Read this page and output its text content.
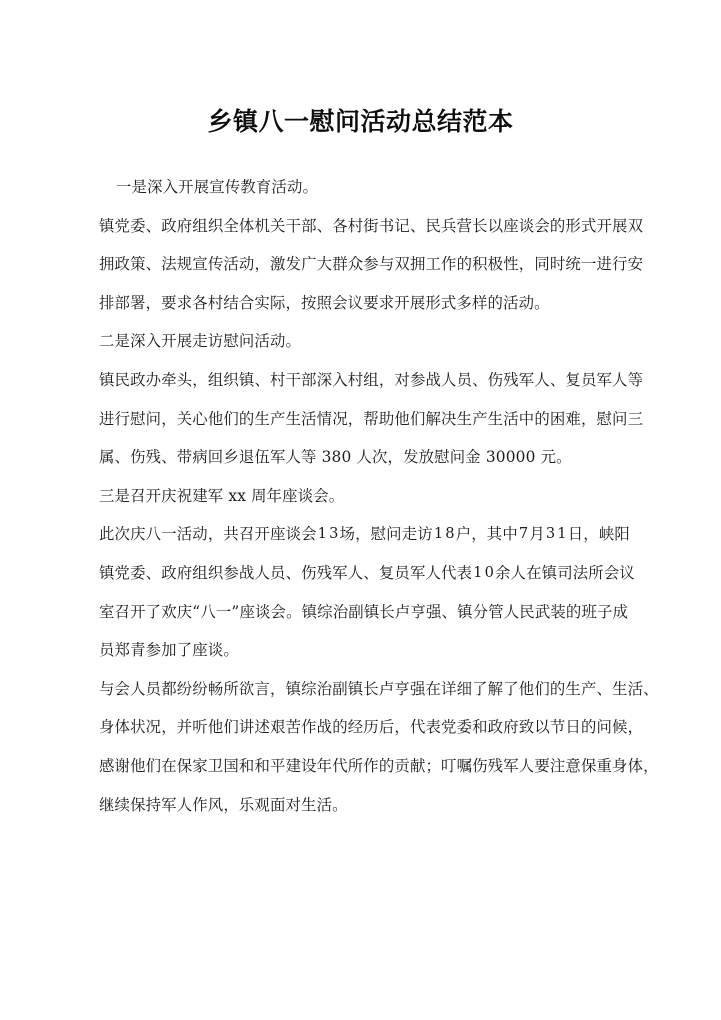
乡镇八一慰问活动总结范本
一是深入开展宣传教育活动。
镇 党 委 、 政 府 组 织 全 体 机 关 干 部 、 各 村 街 书 记 、 民 兵 营 长 以 座 谈 会 的 形 式 开 展 双
拥 政 策 、 法 规 宣 传 活 动 ， 激 发 广 大 群 众 参 与 双 拥 工 作 的 积 极 性 ， 同 时 统 一 进 行 安
排部署，要求各村结合实际，按照会议要求开展形式多样的活动。
二是深入开展走访慰问活动。
镇 民 政 办 牵 头 ， 组 织 镇 、 村 干 部 深 入 村 组 ， 对 参 战 人 员 、 伤 残 军 人 、 复 员 军 人 等
进 行 慰 问 ， 关 心 他 们 的 生 产 生 活 情 况 ， 帮 助 他 们 解 决 生 产 生 活 中 的 困 难 ， 慰 问 三
属、伤残、带病回乡退伍军人等 380 人次，发放慰问金 30000 元。
三是召开庆祝建军 xx 周年座谈会。
此 次 庆 八 一 活 动 ， 共 召 开 座 谈 会 1 3 场 ， 慰 问 走 访 1 8 户 ， 其 中 7 月 3 1 日 ， 峡 阳
镇 党 委 、 政 府 组 织 参 战 人 员 、 伤 残 军 人 、 复 员 军 人 代 表 1 0 余 人 在 镇 司 法 所 会 议
室 召 开 了 欢 庆 “ 八 一 ” 座 谈 会 。 镇 综 治 副 镇 长 卢 亨 强 、 镇 分 管 人 民 武 装 的 班 子 成
员郑青参加了座谈。
与 会 人 员 都 纷 纷 畅 所 欲 言 ， 镇 综 治 副 镇 长 卢 亨 强 在 详 细 了 解 了 他 们 的 生 产 、 生 活 、
身 体 状 况 ， 并 听 他 们 讲 述 艰 苦 作 战 的 经 历 后 ， 代 表 党 委 和 政 府 致 以 节 日 的 问 候 ，
感 谢 他 们 在 保 家 卫 国 和 和 平 建 设 年 代 所 作 的 贡 献 ； 叮 嘱 伤 残 军 人 要 注 意 保 重 身 体 ，
继续保持军人作风，乐观面对生活。
